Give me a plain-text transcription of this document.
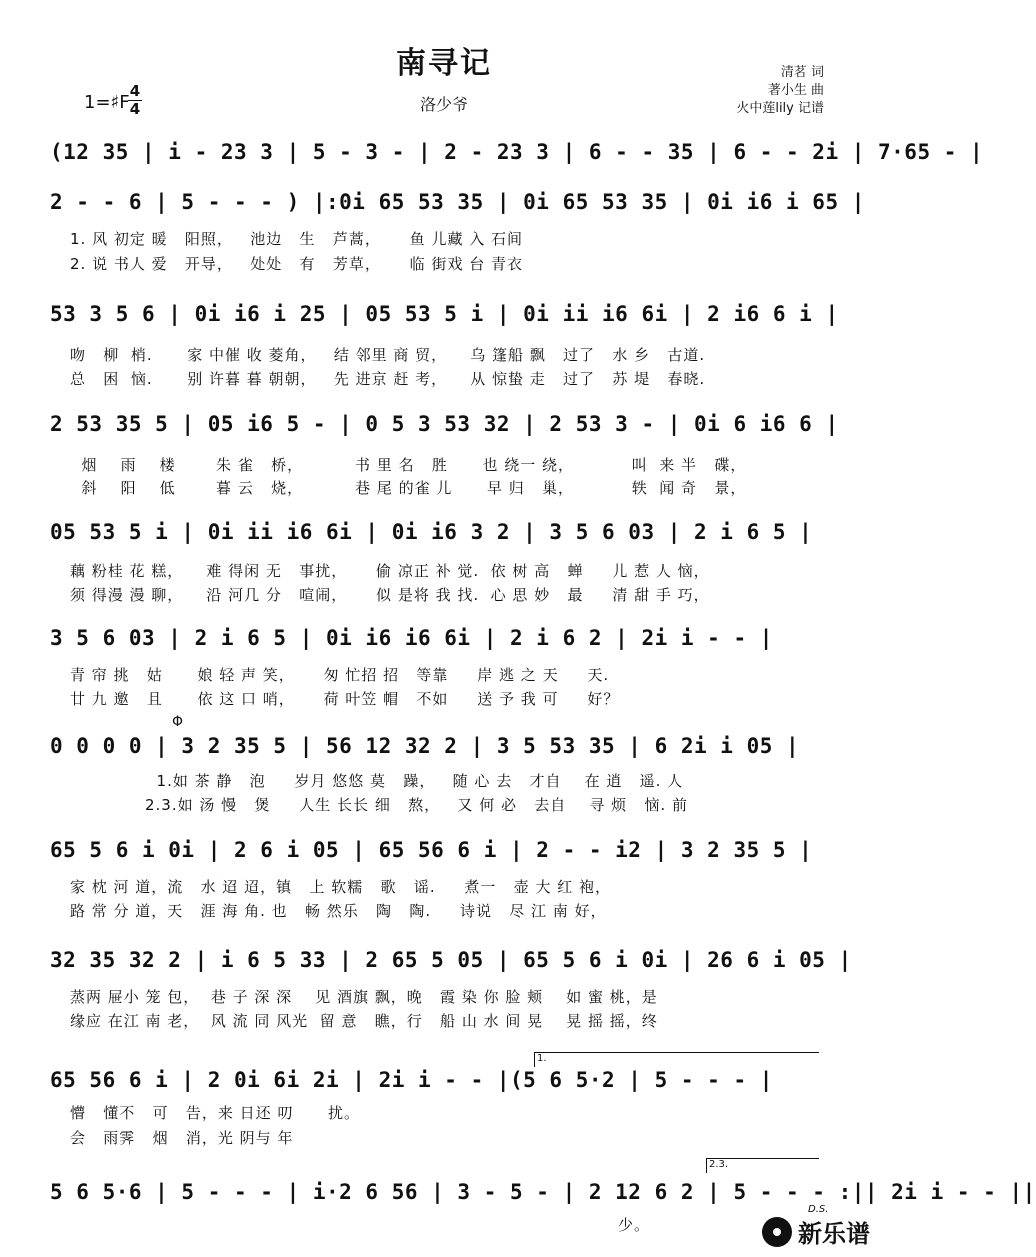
南寻记
洛少爷
1=♯F
4
4
清茗 词
著小生 曲
火中莲lily 记谱
(12 35 | i - 23 3 | 5 - 3 - | 2 - 23 3 | 6 - - 35 | 6 - - 2i | 7·65 - |
2 - - 6 | 5 - - - ) |:0i 65 53 35 | 0i 65 53 35 | 0i i6 i 65 |
1. 风 初定 暖   阳照，   池边   生   芦蒿，     鱼 儿藏 入 石间
2. 说 书人 爱   开导，   处处   有   芳草，     临 街戏 台 青衣
53 3 5 6 | 0i i6 i 25 | 05 53 5 i | 0i ii i6 6i | 2 i6 6 i |
吻   柳  梢.      家 中催 收 菱角，   结 邻里 商 贸，    乌 篷船 飘   过了   水 乡   古道.
总   困  恼.      别 许暮 暮 朝朝，   先 进京 赶 考，    从 惊蛰 走   过了   苏 堤   春晓.
2 53 35 5 | 05 i6 5 - | 0 5 3 53 32 | 2 53 3 - | 0i 6 i6 6 |
烟    雨    楼       朱 雀   桥，         书 里 名   胜      也 绕一 绕，          叫  来 半   碟，
斜    阳    低       暮 云   烧，         巷 尾 的雀 儿      早 归   巢，          轶  闻 奇   景，
05 53 5 i | 0i ii i6 6i | 0i i6 3 2 | 3 5 6 03 | 2 i 6 5 |
藕 粉桂 花 糕，    难 得闲 无   事扰，     偷 凉正 补 觉.  依 树 高   蝉     儿 惹 人 恼，
须 得漫 漫 聊，    沿 河几 分   喧闹，     似 是将 我 找.  心 思 妙   最     清 甜 手 巧，
3 5 6 03 | 2 i 6 5 | 0i i6 i6 6i | 2 i 6 2 | 2i i - - |
青 帘 挑   姑      娘 轻 声 笑，     匆 忙招 招   等靠     岸 逃 之 天     天.
廿 九 邀   且      依 这 口 哨，     荷 叶笠 帽   不如     送 予 我 可     好？
Φ
0 0 0 0 | 3 2 35 5 | 56 12 32 2 | 3 5 53 35 | 6 2i i 05 |
1.如 茶 静   泡     岁月 悠悠 莫   躁，   随 心 去   才自    在 逍   遥. 人
2.3.如 汤 慢   煲     人生 长长 细   熬，   又 何 必   去自    寻 烦   恼. 前
65 5 6 i 0i | 2 6 i 05 | 65 56 6 i | 2 - - i2 | 3 2 35 5 |
家 枕 河 道，流   水 迢 迢，镇   上 软糯   歌   谣.     煮一   壶 大 红 袍，
路 常 分 道，天   涯 海 角. 也   畅 然乐   陶   陶.     诗说   尽 江 南 好，
32 35 32 2 | i 6 5 33 | 2 65 5 05 | 65 5 6 i 0i | 26 6 i 05 |
蒸两 屉小 笼 包，  巷 子 深 深    见 酒旗 飘，晚   霞 染 你 脸 颊    如 蜜 桃，是
缘应 在江 南 老，  风 流 同 风光  留 意   瞧，行   船 山 水 间 晃    晃 摇 摇，终
1.
65 56 6 i | 2 0i 6i 2i | 2i i - - |(5 6 5·2 | 5 - - - |
懵   懂不   可   告，来 日还 叨      扰。
会   雨霁   烟   消，光 阴与 年
2.3.
5 6 5·6 | 5 - - - | i·2 6 56 | 3 - 5 - | 2 12 6 2 | 5 - - - :|| 2i i - - ||
少。
D.S.
新乐谱
